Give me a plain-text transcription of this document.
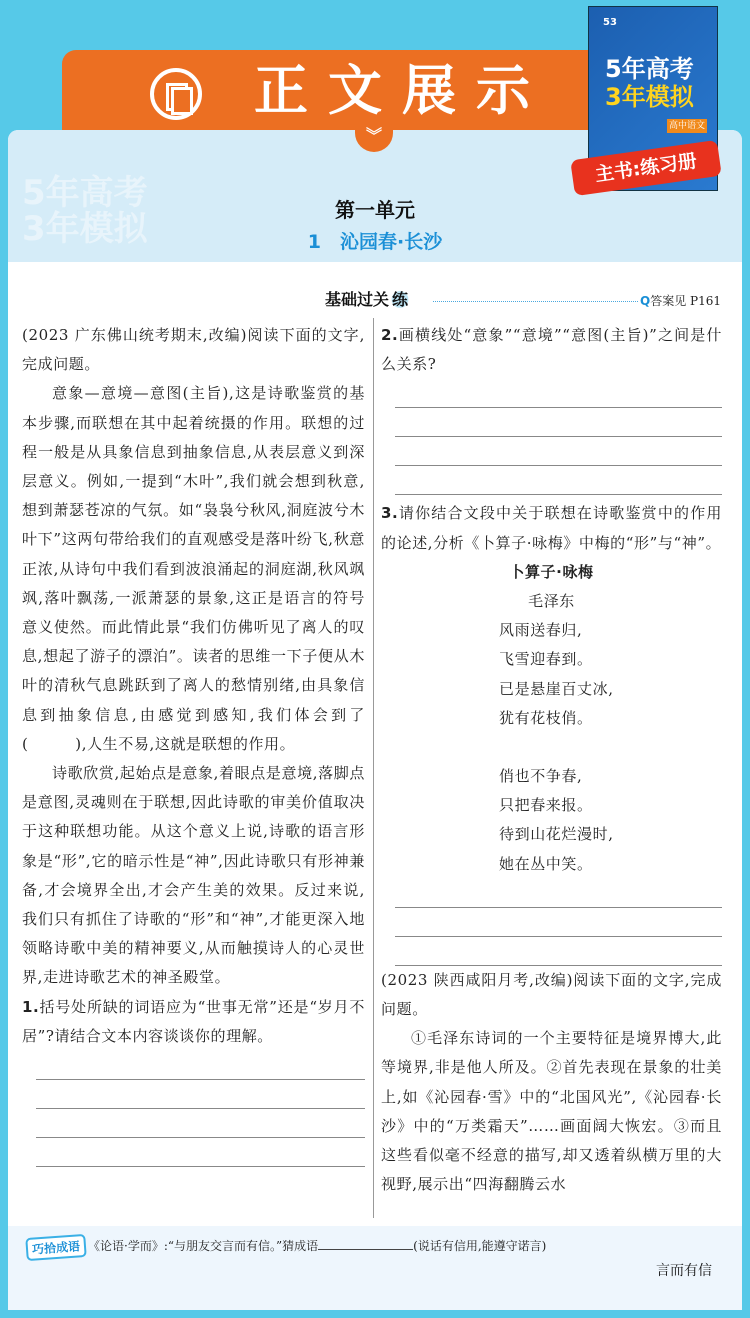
正文展示
5年高考
3年模拟	第一单元
1　沁园春·长沙
︾
53
5年高考
3年模拟
高中语文
主书:练习册
基础过关 练	Q答案见 P161

(2023 广东佛山统考期末,改编)阅读下面的文字,完成问题。

意象—意境—意图(主旨),这是诗歌鉴赏的基本步骤,而联想在其中起着统摄的作用。联想的过程一般是从具象信息到抽象信息,从表层意义到深层意义。例如,一提到“木叶”,我们就会想到秋意,想到萧瑟苍凉的气氛。如“袅袅兮秋风,洞庭波兮木叶下”这两句带给我们的直观感受是落叶纷飞,秋意正浓,从诗句中我们看到波浪涌起的洞庭湖,秋风飒飒,落叶飘荡,一派萧瑟的景象,这正是语言的符号意义使然。而此情此景“我们仿佛听见了离人的叹息,想起了游子的漂泊”。读者的思维一下子便从木叶的清秋气息跳跃到了离人的愁情别绪,由具象信息到抽象信息,由感觉到感知,我们体会到了(　　　),人生不易,这就是联想的作用。

诗歌欣赏,起始点是意象,着眼点是意境,落脚点是意图,灵魂则在于联想,因此诗歌的审美价值取决于这种联想功能。从这个意义上说,诗歌的语言形象是“形”,它的暗示性是“神”,因此诗歌只有形神兼备,才会境界全出,才会产生美的效果。反过来说,我们只有抓住了诗歌的“形”和“神”,才能更深入地领略诗歌中美的精神要义,从而触摸诗人的心灵世界,走进诗歌艺术的神圣殿堂。

1.括号处所缺的词语应为“世事无常”还是“岁月不居”?请结合文本内容谈谈你的理解。

2.画横线处“意象”“意境”“意图(主旨)”之间是什么关系?

3.请你结合文段中关于联想在诗歌鉴赏中的作用的论述,分析《卜算子·咏梅》中梅的“形”与“神”。

卜算子·咏梅

毛泽东

风雨送春归,

飞雪迎春到。

已是悬崖百丈冰,

犹有花枝俏。

俏也不争春,

只把春来报。

待到山花烂漫时,

她在丛中笑。

(2023 陕西咸阳月考,改编)阅读下面的文字,完成问题。

①毛泽东诗词的一个主要特征是境界博大,此等境界,非是他人所及。②首先表现在景象的壮美上,如《沁园春·雪》中的“北国风光”,《沁园春·长沙》中的“万类霜天”……画面阔大恢宏。③而且这些看似毫不经意的描写,却又透着纵横万里的大视野,展示出“四海翻腾云水

巧拾成语 《论语·学而》:“与朋友交言而有信。”猜成语	(说话有信用,能遵守诺言)
言而有信
